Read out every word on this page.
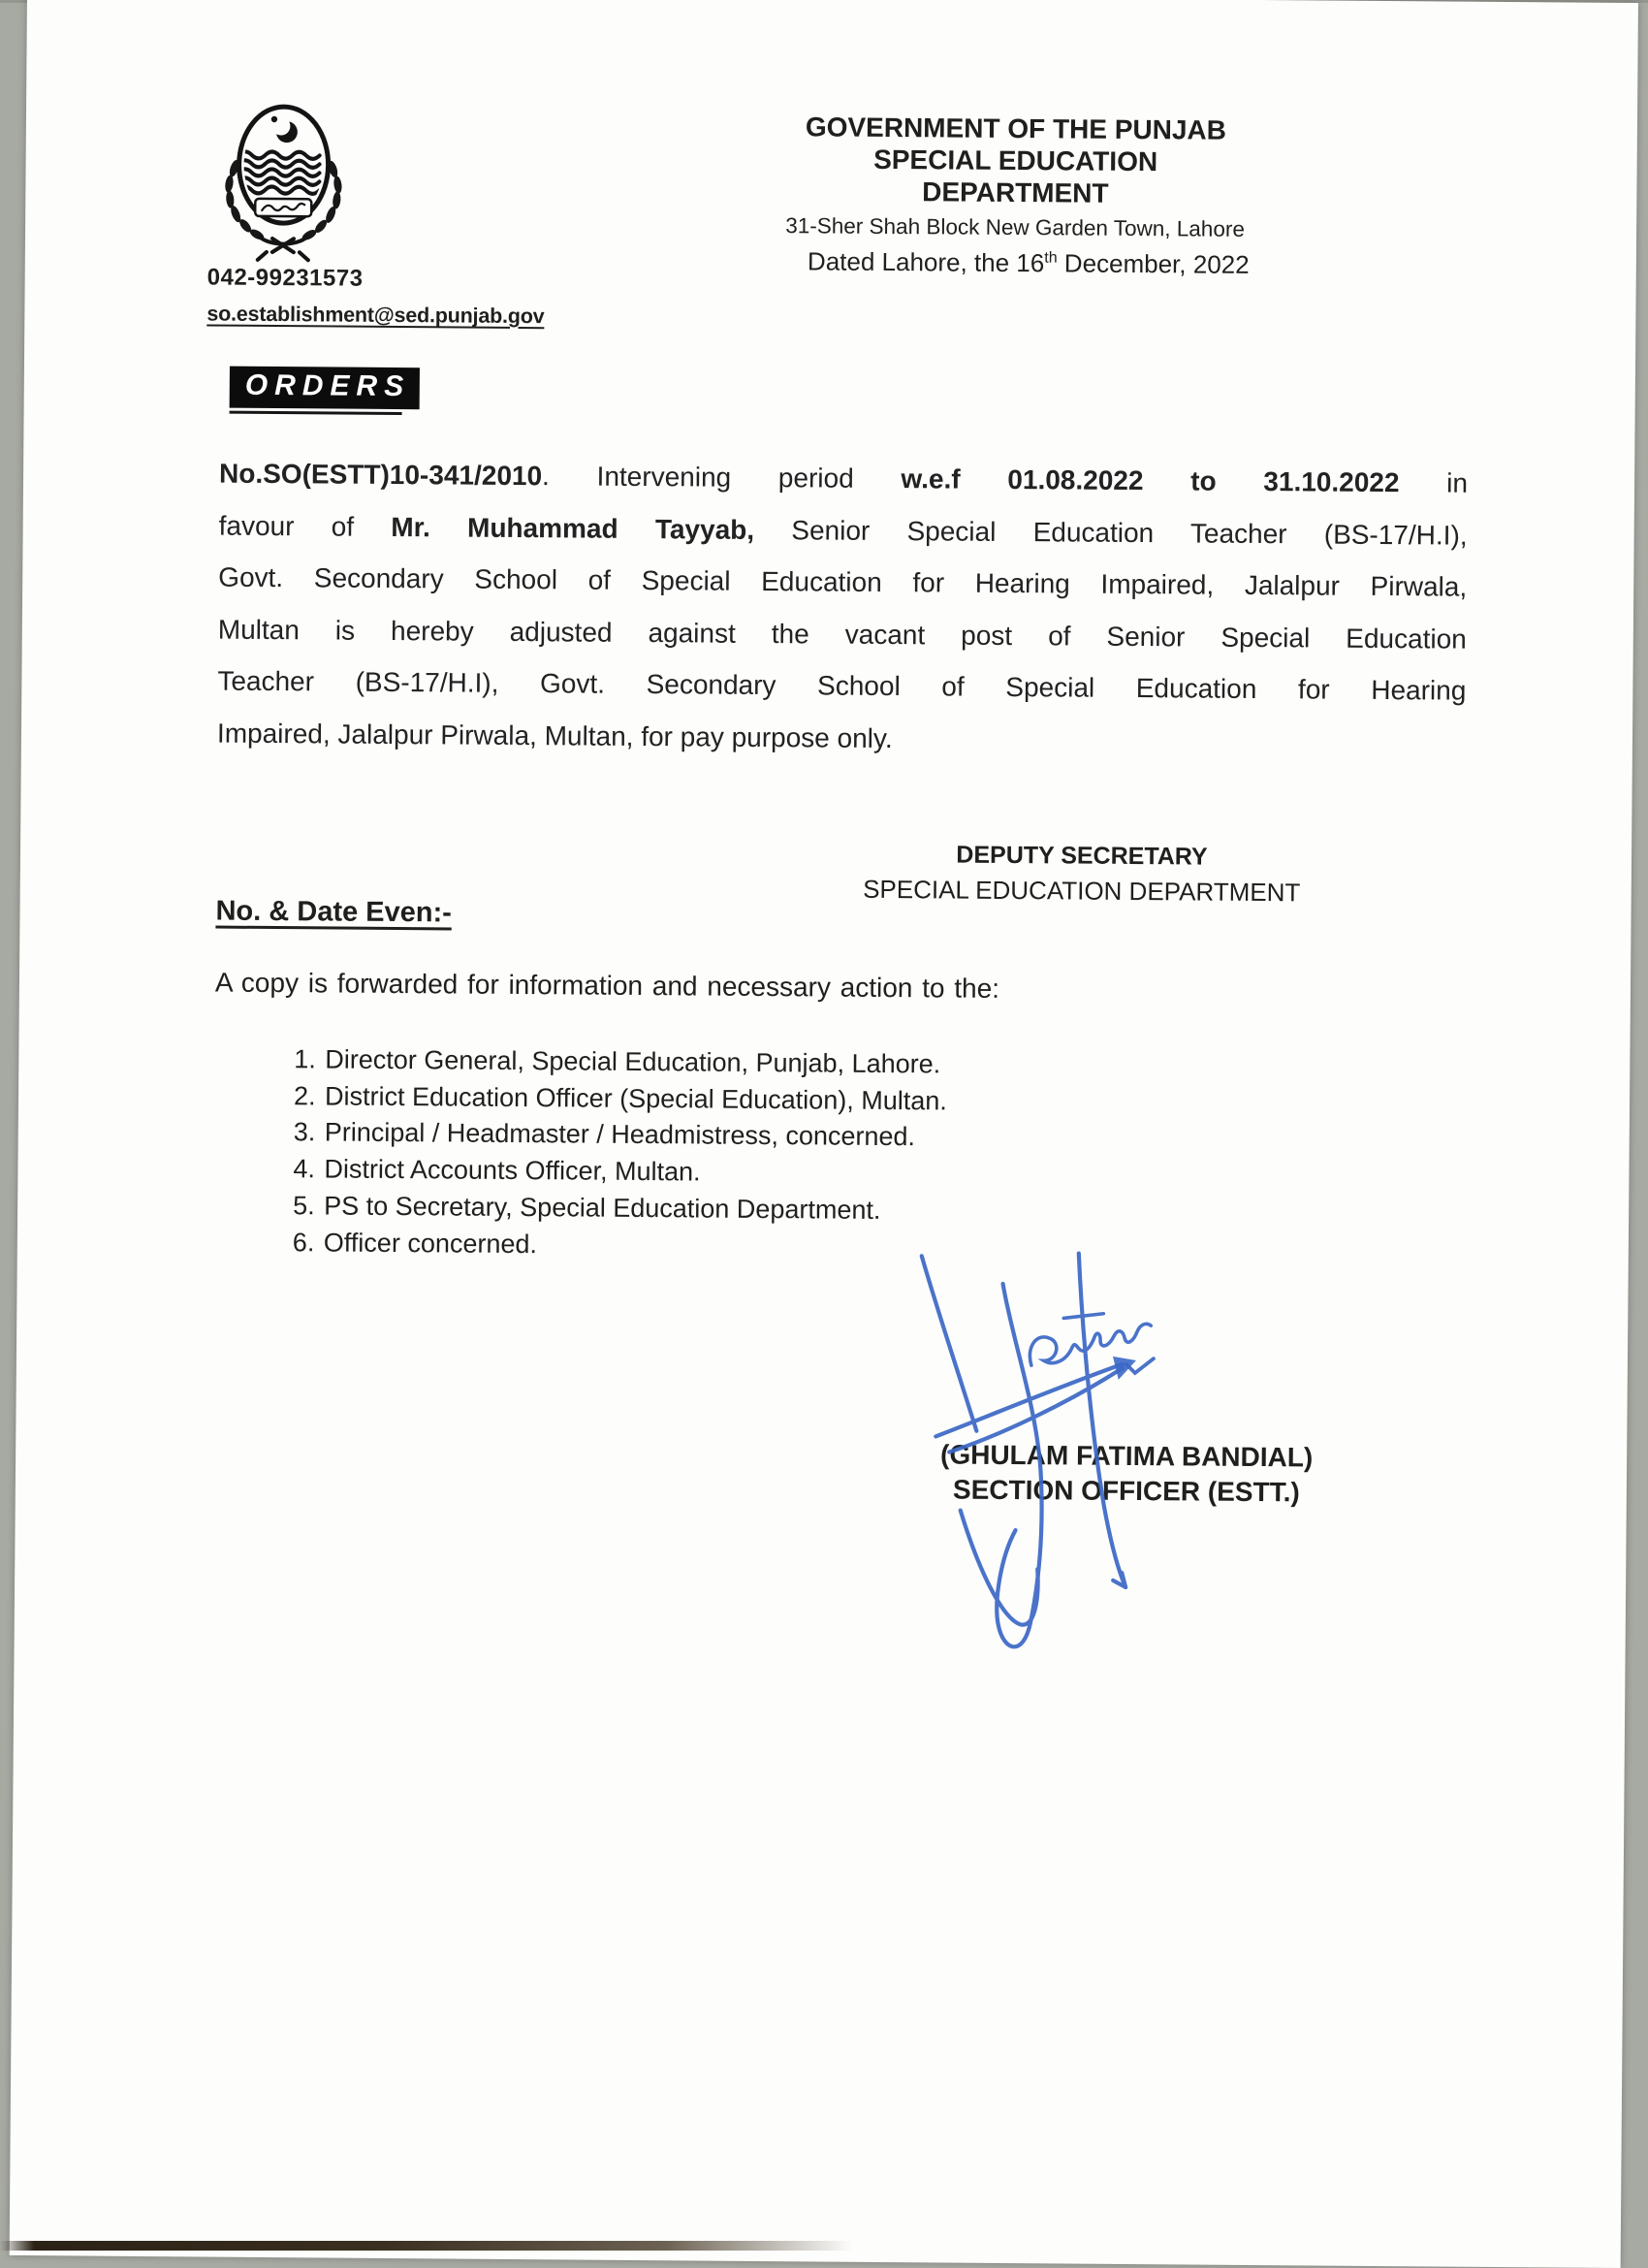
042-99231573
so.establishment@sed.punjab.gov
GOVERNMENT OF THE PUNJAB
SPECIAL EDUCATION DEPARTMENT
31-Sher Shah Block New Garden Town, Lahore
Dated Lahore, the 16th December, 2022
ORDERS
No.SO(ESTT)10-341/2010. Intervening period w.e.f 01.08.2022 to 31.10.2022 in
favour of Mr. Muhammad Tayyab, Senior Special Education Teacher (BS-17/H.I),
Govt. Secondary School of Special Education for Hearing Impaired, Jalalpur Pirwala,
Multan is hereby adjusted against the vacant post of Senior Special Education
Teacher (BS-17/H.I), Govt. Secondary School of Special Education for Hearing
Impaired, Jalalpur Pirwala, Multan, for pay purpose only.
DEPUTY SECRETARY
SPECIAL EDUCATION DEPARTMENT
No. & Date Even:-
A copy is forwarded for information and necessary action to the:
1. Director General, Special Education, Punjab, Lahore.
2. District Education Officer (Special Education), Multan.
3. Principal / Headmaster / Headmistress, concerned.
4. District Accounts Officer, Multan.
5. PS to Secretary, Special Education Department.
6. Officer concerned.
(GHULAM FATIMA BANDIAL)
SECTION OFFICER (ESTT.)
